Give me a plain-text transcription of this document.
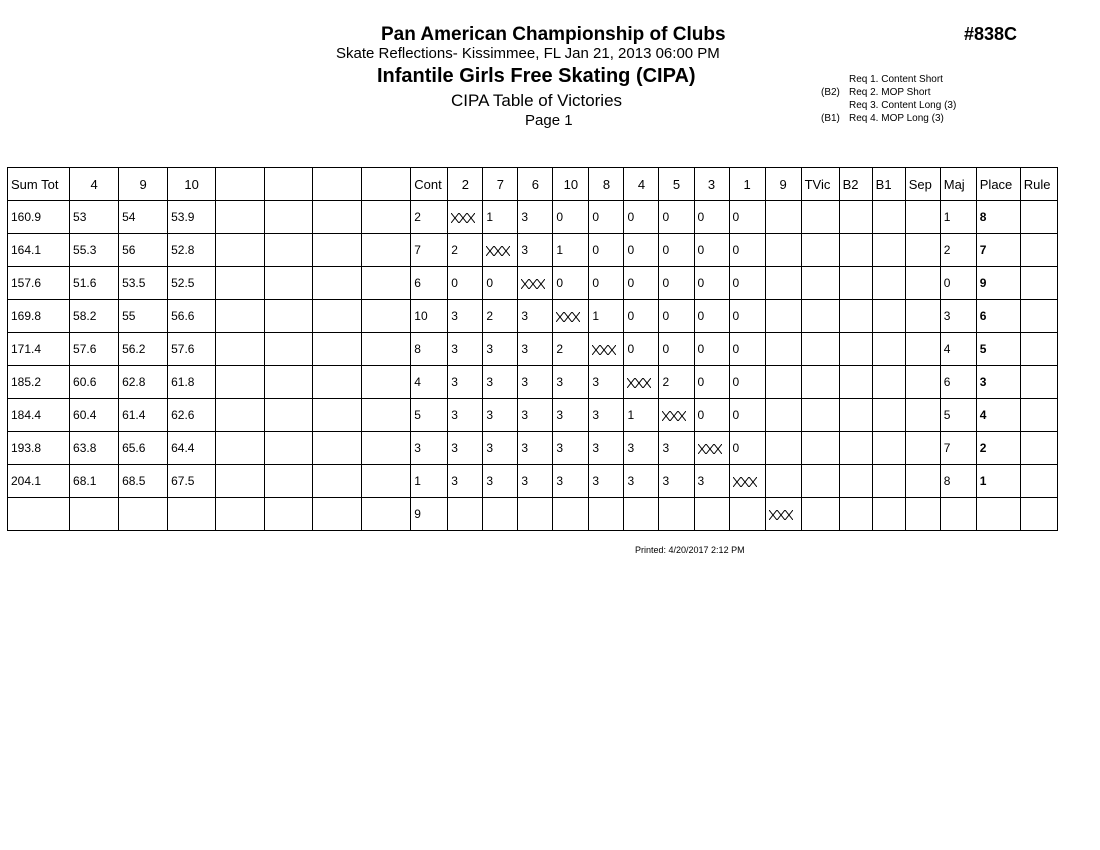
Pan American Championship of Clubs
Skate Reflections- Kissimmee, FL Jan 21, 2013 06:00 PM
Infantile Girls Free Skating (CIPA)
CIPA Table of Victories
Page 1
#838C
Req 1. Content Short
(B2) Req 2. MOP Short
Req 3. Content Long (3)
(B1) Req 4. MOP Long (3)
Sum Tot	4	9	10					Cont	2	7	6	10	8	4	5	3	1	9	TVic	B2	B1	Sep	Maj	Place	Rule
160.9	53	54	53.9					2		1	3	0	0	0	0	0	0						1	8	
164.1	55.3	56	52.8					7	2		3	1	0	0	0	0	0						2	7	
157.6	51.6	53.5	52.5					6	0	0		0	0	0	0	0	0						0	9	
169.8	58.2	55	56.6					10	3	2	3		1	0	0	0	0						3	6	
171.4	57.6	56.2	57.6					8	3	3	3	2		0	0	0	0						4	5	
185.2	60.6	62.8	61.8					4	3	3	3	3	3		2	0	0						6	3	
184.4	60.4	61.4	62.6					5	3	3	3	3	3	1		0	0						5	4	
193.8	63.8	65.6	64.4					3	3	3	3	3	3	3	3		0						7	2	
204.1	68.1	68.5	67.5					1	3	3	3	3	3	3	3	3							8	1	
								9																	
Printed: 4/20/2017 2:12 PM
